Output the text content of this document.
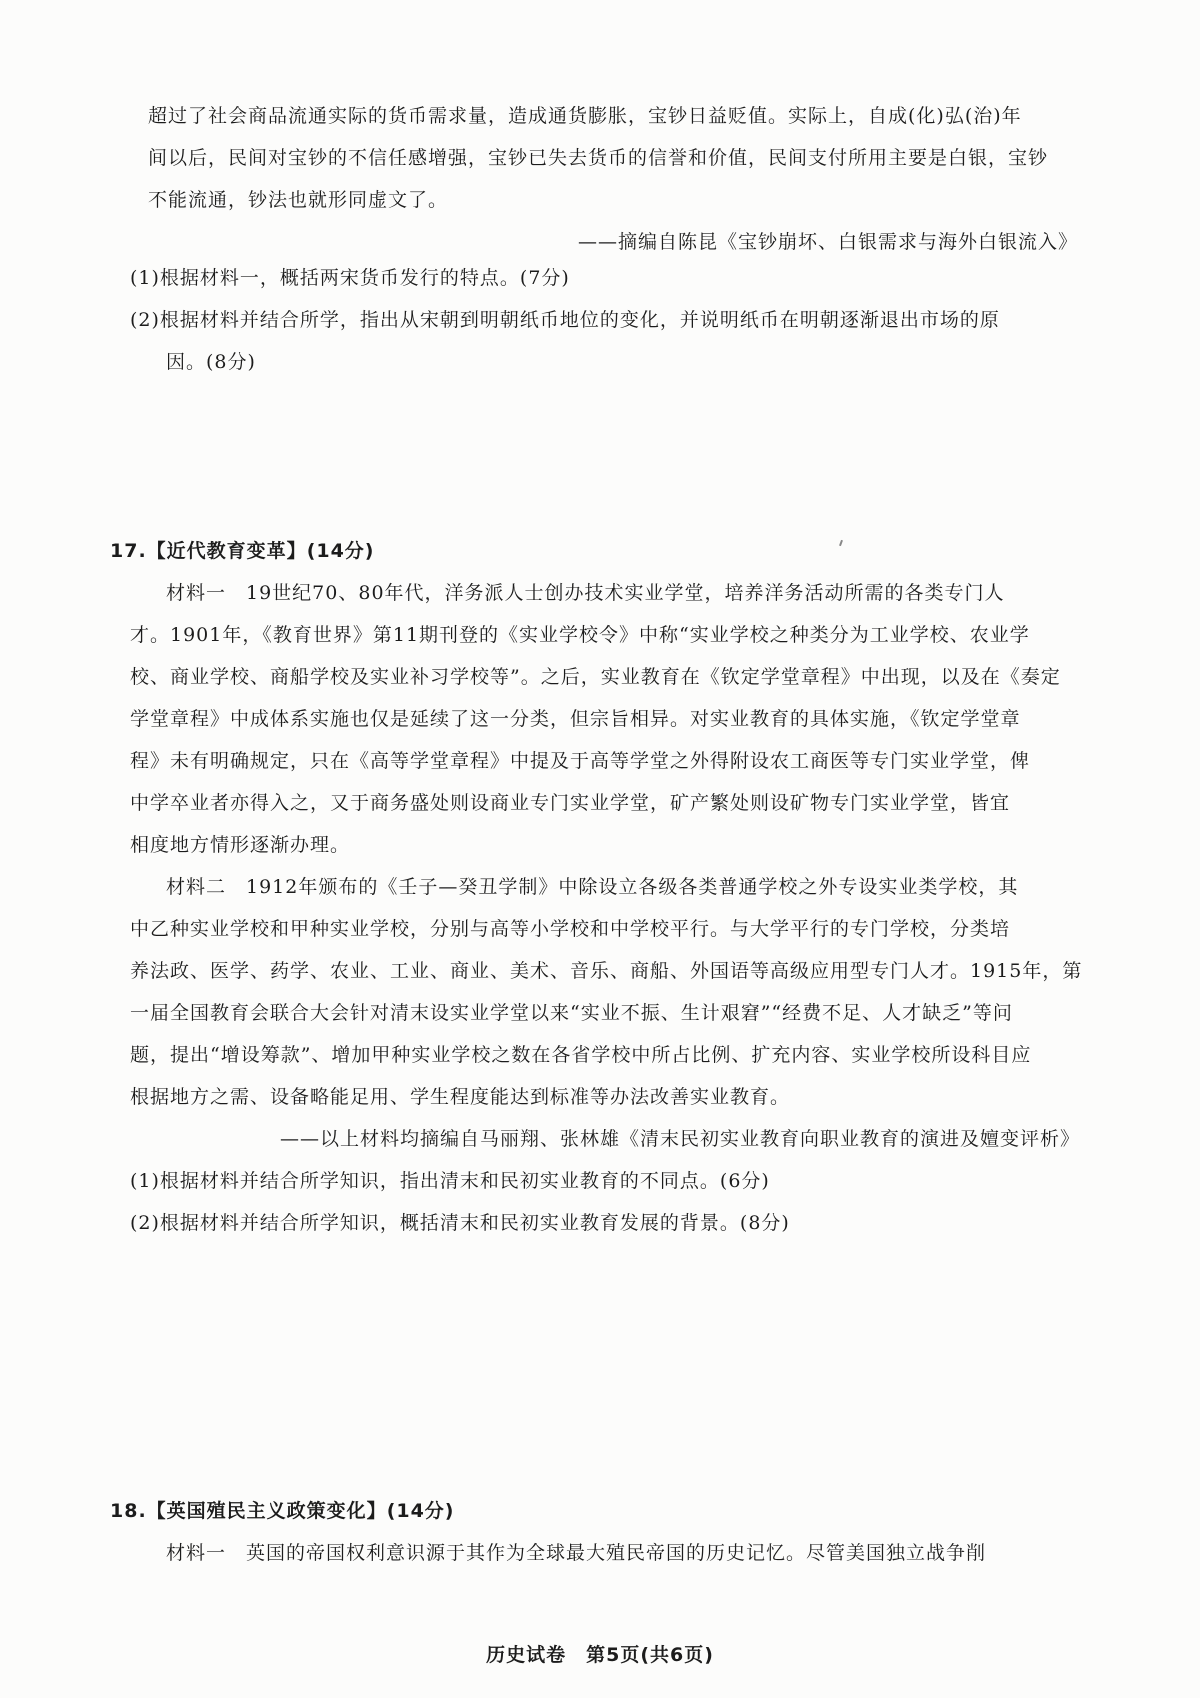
超过了社会商品流通实际的货币需求量，造成通货膨胀，宝钞日益贬值。实际上，自成(化)弘(治)年
间以后，民间对宝钞的不信任感增强，宝钞已失去货币的信誉和价值，民间支付所用主要是白银，宝钞
不能流通，钞法也就形同虚文了。
——摘编自陈昆《宝钞崩坏、白银需求与海外白银流入》
(1)根据材料一，概括两宋货币发行的特点。(7分)
(2)根据材料并结合所学，指出从宋朝到明朝纸币地位的变化，并说明纸币在明朝逐渐退出市场的原
因。(8分)
17.【近代教育变革】(14分)
材料一　19世纪70、80年代，洋务派人士创办技术实业学堂，培养洋务活动所需的各类专门人
才。1901年，《教育世界》第11期刊登的《实业学校令》中称“实业学校之种类分为工业学校、农业学
校、商业学校、商船学校及实业补习学校等”。之后，实业教育在《钦定学堂章程》中出现，以及在《奏定
学堂章程》中成体系实施也仅是延续了这一分类，但宗旨相异。对实业教育的具体实施，《钦定学堂章
程》未有明确规定，只在《高等学堂章程》中提及于高等学堂之外得附设农工商医等专门实业学堂，俾
中学卒业者亦得入之，又于商务盛处则设商业专门实业学堂，矿产繁处则设矿物专门实业学堂，皆宜
相度地方情形逐渐办理。
材料二　1912年颁布的《壬子—癸丑学制》中除设立各级各类普通学校之外专设实业类学校，其
中乙种实业学校和甲种实业学校，分别与高等小学校和中学校平行。与大学平行的专门学校，分类培
养法政、医学、药学、农业、工业、商业、美术、音乐、商船、外国语等高级应用型专门人才。1915年，第
一届全国教育会联合大会针对清末设实业学堂以来“实业不振、生计艰窘”“经费不足、人才缺乏”等问
题，提出“增设筹款”、增加甲种实业学校之数在各省学校中所占比例、扩充内容、实业学校所设科目应
根据地方之需、设备略能足用、学生程度能达到标准等办法改善实业教育。
——以上材料均摘编自马丽翔、张林雄《清末民初实业教育向职业教育的演进及嬗变评析》
(1)根据材料并结合所学知识，指出清末和民初实业教育的不同点。(6分)
(2)根据材料并结合所学知识，概括清末和民初实业教育发展的背景。(8分)
18.【英国殖民主义政策变化】(14分)
材料一　英国的帝国权利意识源于其作为全球最大殖民帝国的历史记忆。尽管美国独立战争削
历史试卷　第5页(共6页)
